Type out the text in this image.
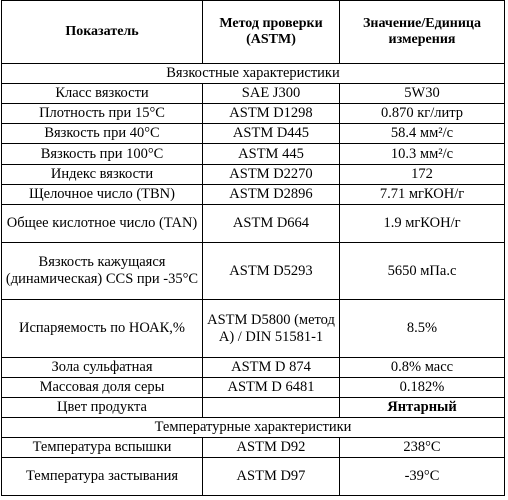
Показатель	Метод проверки (ASTM)	Значение/Единица измерения
Вязкостные характеристики		
Класс вязкости	SAE J300	5W30
Плотность при 15°C	ASTM D1298	0.870 кг/литр
Вязкость при 40°C	ASTM D445	58.4 мм²/с
Вязкость при 100°C	ASTM 445	10.3 мм²/с
Индекс вязкости	ASTM D2270	172
Щелочное число (TBN)	ASTM D2896	7.71 мгКОН/г
Общее кислотное число (TAN)	ASTM D664	1.9 мгКОН/г
Вязкость кажущаяся (динамическая) CCS при -35°C	ASTM D5293	5650 мПа.с
Испаряемость по НОАК,%	ASTM D5800 (метод А) / DIN 51581-1	8.5%
Зола сульфатная	ASTM D 874	0.8% масс
Массовая доля серы	ASTM D 6481	0.182%
Цвет продукта		Янтарный
Температурные характеристики		
Температура вспышки	ASTM D92	238°C
Температура застывания	ASTM D97	-39°C
